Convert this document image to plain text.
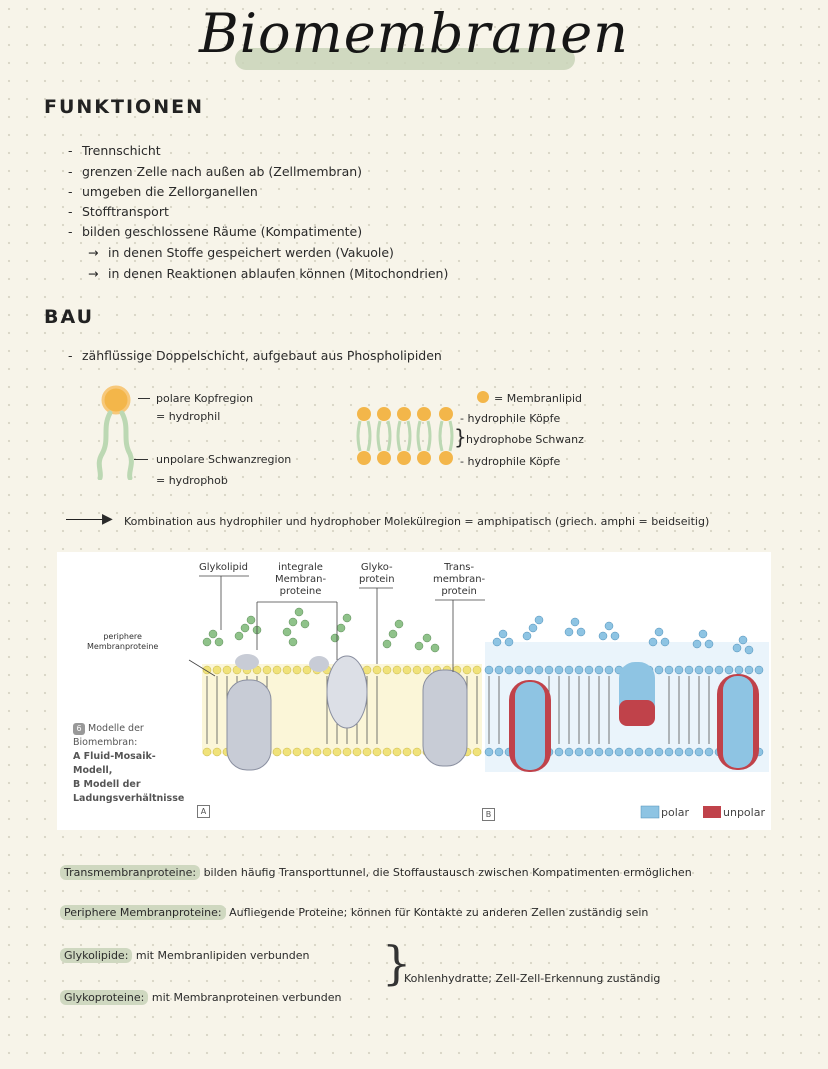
Biomembranen
FUNKTIONEN
- Trennschicht
- grenzen Zelle nach außen ab (Zellmembran)
- umgeben die Zellorganellen
- Stofftransport
- bilden geschlossene Räume (Kompatimente)
→ in denen Stoffe gespeichert werden (Vakuole)
→ in denen Reaktionen ablaufen können (Mitochondrien)
BAU
- zähflüssige Doppelschicht, aufgebaut aus Phospholipiden
polare Kopfregion
= hydrophil
unpolare Schwanzregion
= hydrophob
= Membranlipid
- hydrophile Köpfe
} hydrophobe Schwanz
- hydrophile Köpfe
▶ Kombination aus hydrophiler und hydrophober Molekülregion = amphipatisch (griech. amphi = beidseitig)
Glykolipid	integrale
Membran-
proteine
Glyko-
protein
Trans-
membran-
protein
periphere
Membranproteine
6 Modelle der Biomembran:
A Fluid-Mosaik-Modell,
B Modell der Ladungsverhältnisse
A	B	polar	unpolar
Transmembranproteine: bilden häufig Transporttunnel, die Stoffaustausch zwischen Kompatimenten ermöglichen
Periphere Membranproteine: Aufliegende Proteine; können für Kontakte zu anderen Zellen zuständig sein
Glykolipide: mit Membranlipiden verbunden
Glykoproteine: mit Membranproteinen verbunden
}
Kohlenhydratte; Zell-Zell-Erkennung zuständig
